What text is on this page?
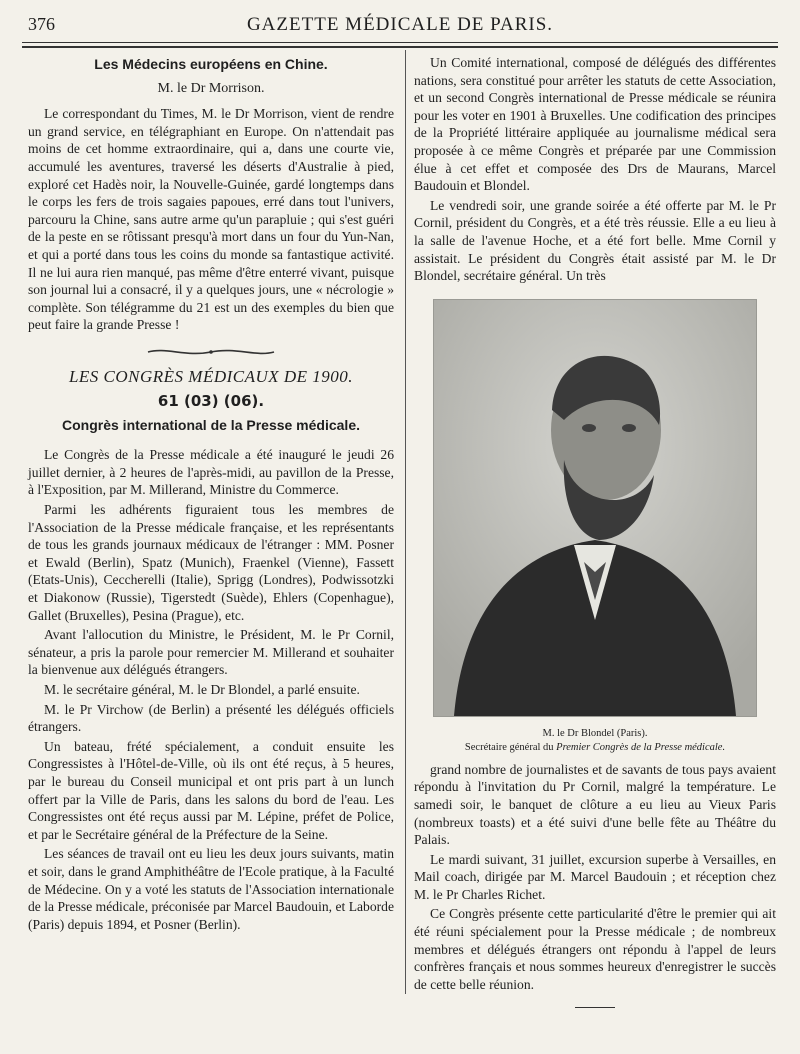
376	GAZETTE MÉDICALE DE PARIS.
Les Médecins européens en Chine.
M. le Dr Morrison.

Le correspondant du Times, M. le Dr Morrison, vient de rendre un grand service, en télégraphiant en Europe. On n'attendait pas moins de cet homme extraordinaire, qui a, dans une courte vie, accumulé les aventures, traversé les déserts d'Australie à pied, exploré cet Hadès noir, la Nouvelle-Guinée, gardé longtemps dans le corps les fers de trois sagaies papoues, erré dans tout l'univers, parcouru la Chine, sans autre arme qu'un parapluie ; qui s'est guéri de la peste en se rôtissant presqu'à mort dans un four du Yun-Nan, et qui a porté dans tous les coins du monde sa fantastique activité. Il ne lui aura rien manqué, pas même d'être enterré vivant, puisque son journal lui a consacré, il y a quelques jours, une « nécrologie » complète. Son télégramme du 21 est un des exemples du bien que peut faire la grande Presse !

LES CONGRÈS MÉDICAUX DE 1900.
61 (03) (06).
Congrès international de la Presse médicale.

Le Congrès de la Presse médicale a été inauguré le jeudi 26 juillet dernier, à 2 heures de l'après-midi, au pavillon de la Presse, à l'Exposition, par M. Millerand, Ministre du Commerce.

Parmi les adhérents figuraient tous les membres de l'Association de la Presse médicale française, et les représentants de tous les grands journaux médicaux de l'étranger : MM. Posner et Ewald (Berlin), Spatz (Munich), Fraenkel (Vienne), Fassett (Etats-Unis), Ceccherelli (Italie), Sprigg (Londres), Podwissotzki et Diakonow (Russie), Tigerstedt (Suède), Ehlers (Copenhague), Gallet (Bruxelles), Pesina (Prague), etc.

Avant l'allocution du Ministre, le Président, M. le Pr Cornil, sénateur, a pris la parole pour remercier M. Millerand et souhaiter la bienvenue aux délégués étrangers.

M. le secrétaire général, M. le Dr Blondel, a parlé ensuite.

M. le Pr Virchow (de Berlin) a présenté les délégués officiels étrangers.

Un bateau, frété spécialement, a conduit ensuite les Congressistes à l'Hôtel-de-Ville, où ils ont été reçus, à 5 heures, par le bureau du Conseil municipal et ont pris part à un lunch offert par la Ville de Paris, dans les salons du bord de l'eau. Les Congressistes ont été reçus aussi par M. Lépine, préfet de Police, et par le Secrétaire général de la Préfecture de la Seine.

Les séances de travail ont eu lieu les deux jours suivants, matin et soir, dans le grand Amphithéâtre de l'Ecole pratique, à la Faculté de Médecine. On y a voté les statuts de l'Association internationale de la Presse médicale, préconisée par Marcel Baudouin, et Laborde (Paris) depuis 1894, et Posner (Berlin).

Un Comité international, composé de délégués des différentes nations, sera constitué pour arrêter les statuts de cette Association, et un second Congrès international de Presse médicale se réunira pour les voter en 1901 à Bruxelles. Une codification des principes de la Propriété littéraire appliquée au journalisme médical sera proposée à ce même Congrès et préparée par une Commission élue à cet effet et composée des Drs de Maurans, Marcel Baudouin et Blondel.

Le vendredi soir, une grande soirée a été offerte par M. le Pr Cornil, président du Congrès, et a été très réussie. Elle a eu lieu à la salle de l'avenue Hoche, et a été fort belle. Mme Cornil y assistait. Le président du Congrès était assisté par M. le Dr Blondel, secrétaire général. Un très

M. le Dr Blondel (Paris).
Secrétaire général du Premier Congrès de la Presse médicale.

grand nombre de journalistes et de savants de tous pays avaient répondu à l'invitation du Pr Cornil, malgré la température. Le samedi soir, le banquet de clôture a eu lieu au Vieux Paris (nombreux toasts) et a été suivi d'une belle fête au Théâtre du Palais.

Le mardi suivant, 31 juillet, excursion superbe à Versailles, en Mail coach, dirigée par M. Marcel Baudouin ; et réception chez M. le Pr Charles Richet.

Ce Congrès présente cette particularité d'être le premier qui ait été réuni spécialement pour la Presse médicale ; de nombreux membres et délégués étrangers ont répondu à l'appel de leurs confrères français et nous sommes heureux d'enregistrer le succès de cette belle réunion.
